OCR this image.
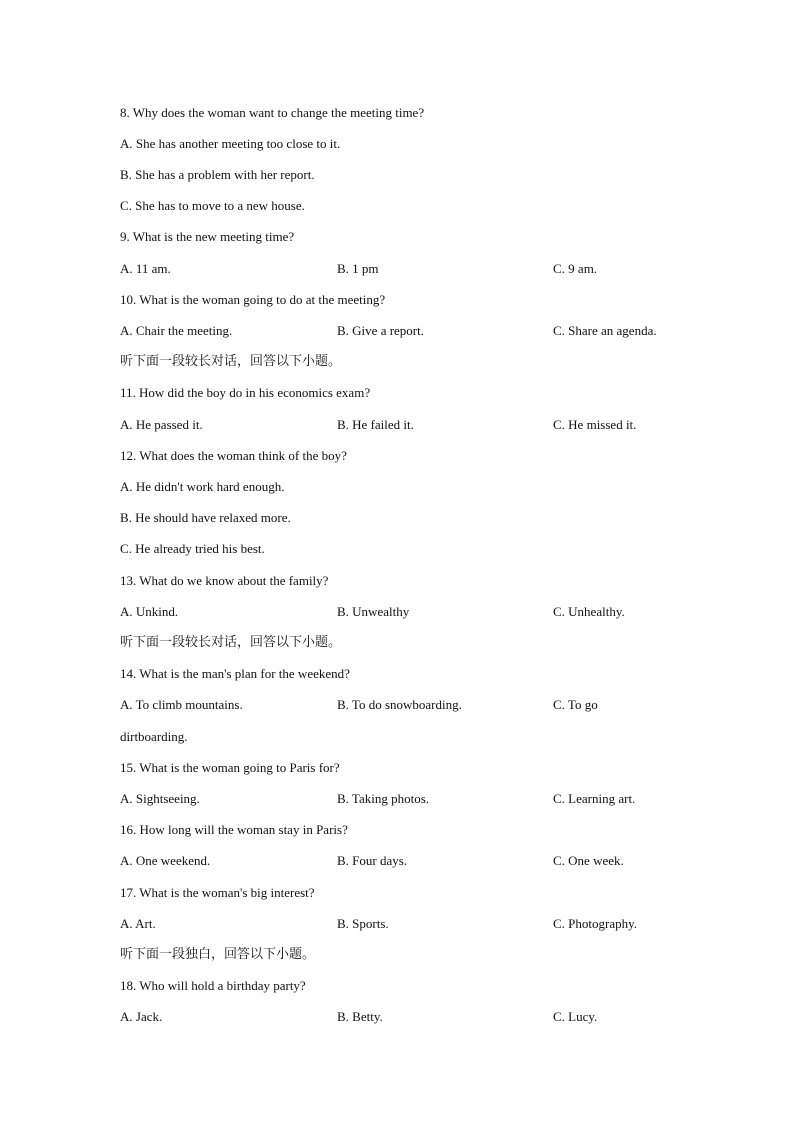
8. Why does the woman want to change the meeting time?
A. She has another meeting too close to it.
B. She has a problem with her report.
C. She has to move to a new house.
9. What is the new meeting time?
A. 11 am.	B. 1 pm	C. 9 am.
10. What is the woman going to do at the meeting?
A. Chair the meeting.	B. Give a report.	C. Share an agenda.
听下面一段较长对话，回答以下小题。
11. How did the boy do in his economics exam?
A. He passed it.	B. He failed it.	C. He missed it.
12. What does the woman think of the boy?
A. He didn't work hard enough.
B. He should have relaxed more.
C. He already tried his best.
13. What do we know about the family?
A. Unkind.	B. Unwealthy	C. Unhealthy.
听下面一段较长对话，回答以下小题。
14. What is the man's plan for the weekend?
A. To climb mountains.	B. To do snowboarding.	C. To go
dirtboarding.
15. What is the woman going to Paris for?
A. Sightseeing.	B. Taking photos.	C. Learning art.
16. How long will the woman stay in Paris?
A. One weekend.	B. Four days.	C. One week.
17. What is the woman's big interest?
A. Art.	B. Sports.	C. Photography.
听下面一段独白，回答以下小题。
18. Who will hold a birthday party?
A. Jack.	B. Betty.	C. Lucy.
